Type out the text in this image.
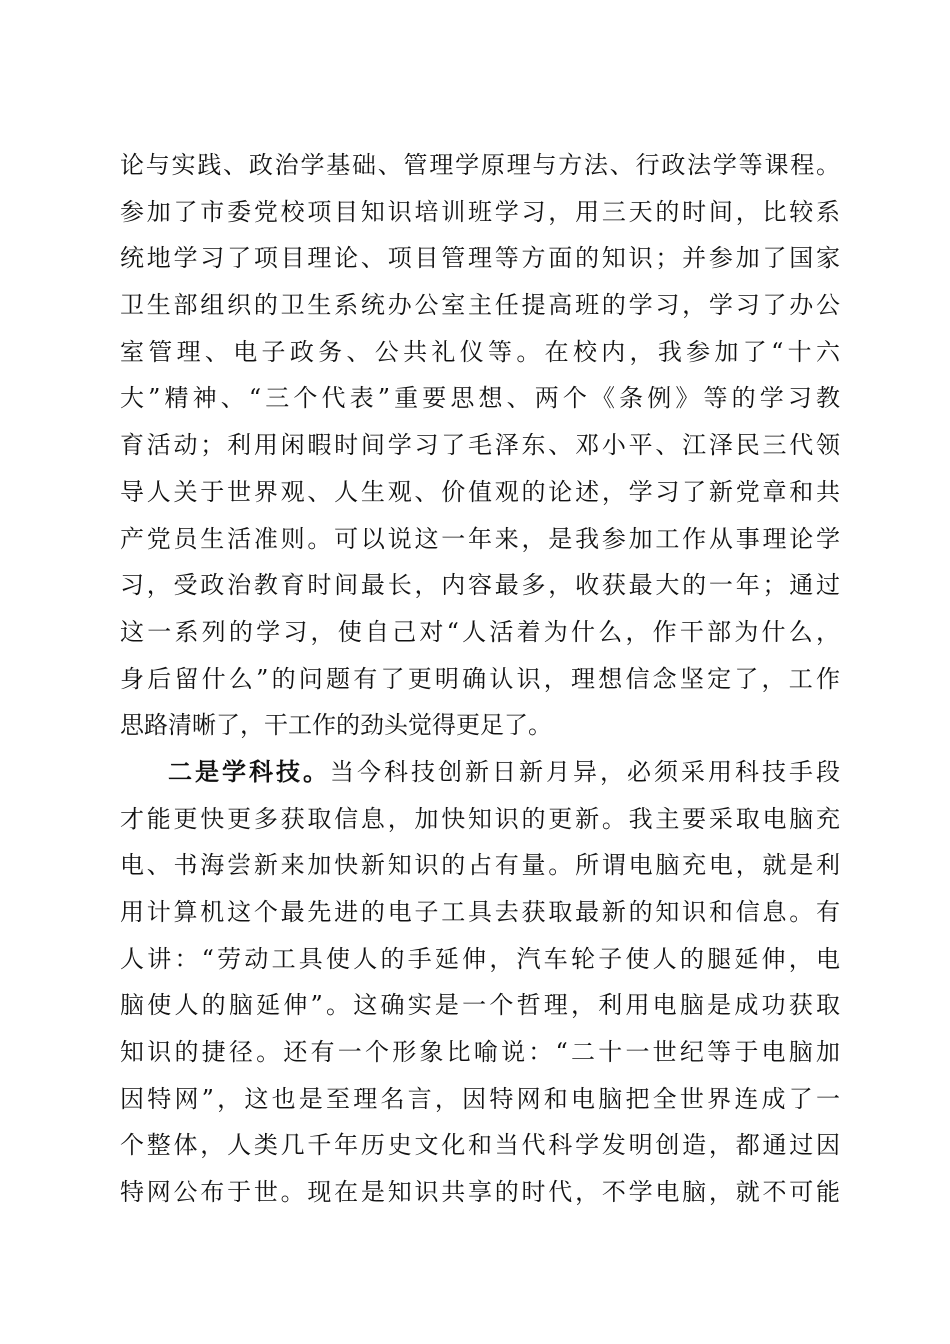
论与实践、政治学基础、管理学原理与方法、行政法学等课程。
参加了市委党校项目知识培训班学习，用三天的时间，比较系
统地学习了项目理论、项目管理等方面的知识；并参加了国家
卫生部组织的卫生系统办公室主任提高班的学习，学习了办公
室管理、电子政务、公共礼仪等。在校内，我参加了“十六
大”精神、“三个代表”重要思想、两个《条例》等的学习教
育活动；利用闲暇时间学习了毛泽东、邓小平、江泽民三代领
导人关于世界观、人生观、价值观的论述，学习了新党章和共
产党员生活准则。可以说这一年来，是我参加工作从事理论学
习，受政治教育时间最长，内容最多，收获最大的一年；通过
这一系列的学习，使自己对“人活着为什么，作干部为什么，
身后留什么”的问题有了更明确认识，理想信念坚定了，工作
思路清晰了，干工作的劲头觉得更足了。
二是学科技。当今科技创新日新月异，必须采用科技手段
才能更快更多获取信息，加快知识的更新。我主要采取电脑充
电、书海尝新来加快新知识的占有量。所谓电脑充电，就是利
用计算机这个最先进的电子工具去获取最新的知识和信息。有
人讲：“劳动工具使人的手延伸，汽车轮子使人的腿延伸，电
脑使人的脑延伸”。这确实是一个哲理，利用电脑是成功获取
知识的捷径。还有一个形象比喻说：“二十一世纪等于电脑加
因特网”，这也是至理名言，因特网和电脑把全世界连成了一
个整体，人类几千年历史文化和当代科学发明创造，都通过因
特网公布于世。现在是知识共享的时代，不学电脑，就不可能
